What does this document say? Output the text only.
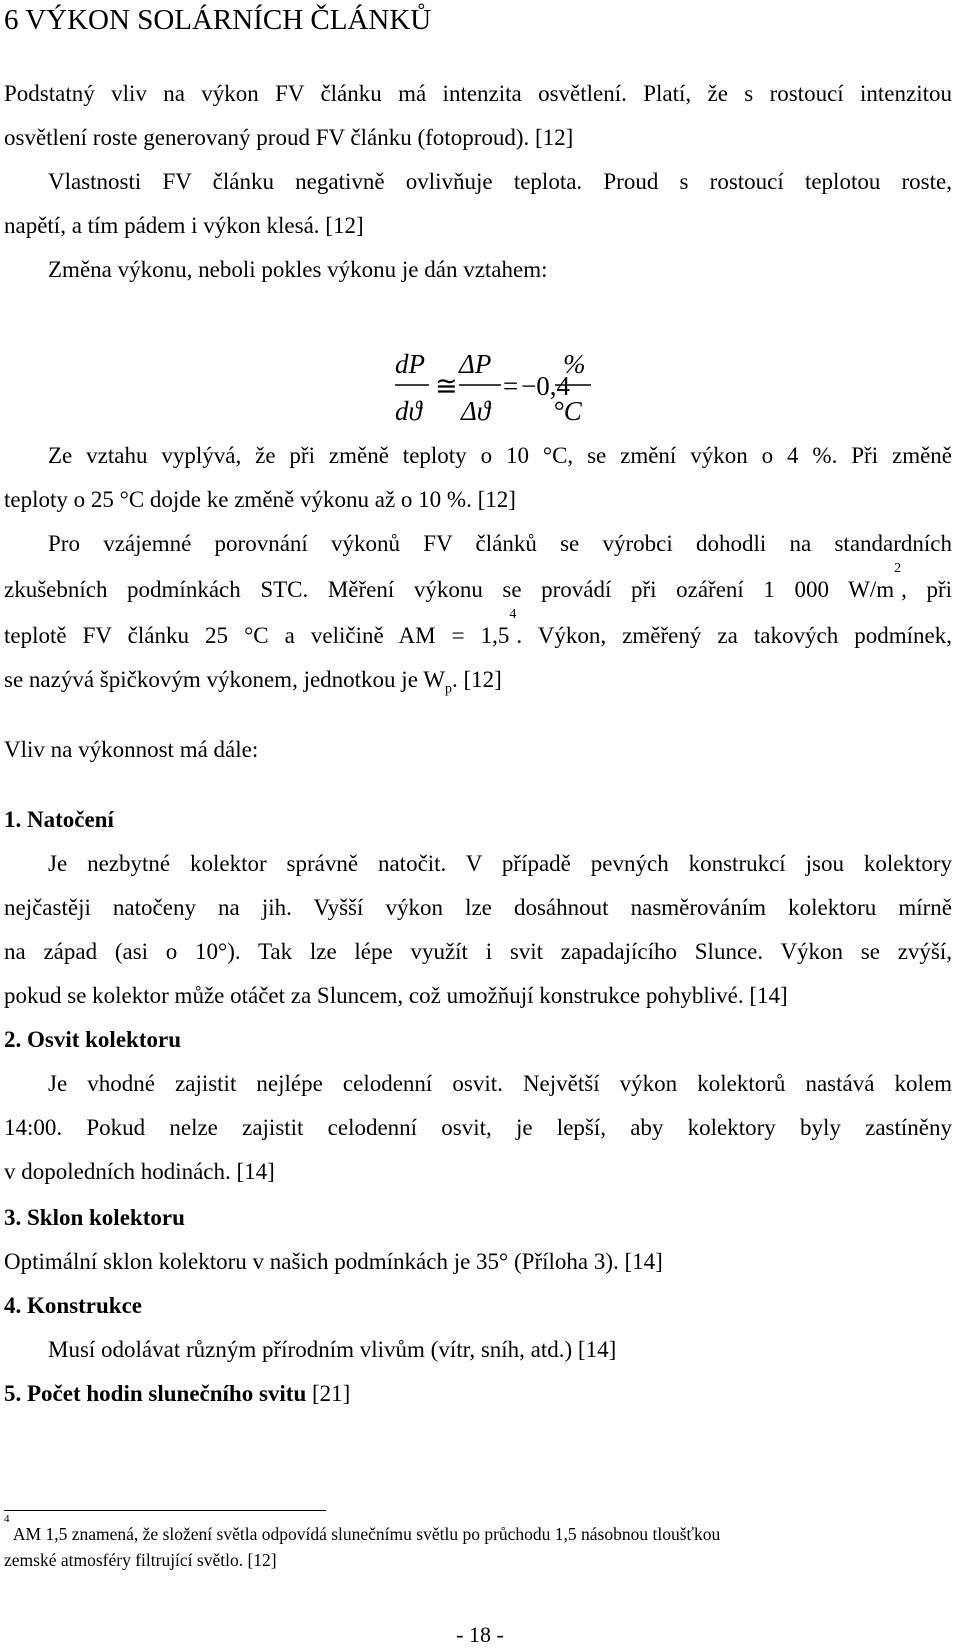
6 VÝKON SOLÁRNÍCH ČLÁNKŮ
Podstatný vliv na výkon FV článku má intenzita osvětlení. Platí, že s rostoucí intenzitou
osvětlení roste generovaný proud FV článku (fotoproud). [12]
Vlastnosti FV článku negativně ovlivňuje teplota. Proud s rostoucí teplotou roste,
napětí, a tím pádem i výkon klesá. [12]
Změna výkonu, neboli pokles výkonu je dán vztahem:
dP
dϑ
≅
ΔP
Δϑ
= −0,4
%
°C
Ze vztahu vyplývá, že při změně teploty o 10 °C, se změní výkon o 4 %. Při změně
teploty o 25 °C dojde ke změně výkonu až o 10 %. [12]
Pro vzájemné porovnání výkonů FV článků se výrobci dohodli na standardních
zkušebních podmínkách STC. Měření výkonu se provádí při ozáření 1 000 $W/m^2$, při
teplotě FV článku 25 °C a veličině AM = $1,5^4$. Výkon, změřený za takových podmínek,
se nazývá špičkovým výkonem, jednotkou je $W_p$. [12]
Vliv na výkonnost má dále:
1. Natočení
Je nezbytné kolektor správně natočit. V případě pevných konstrukcí jsou kolektory
nejčastěji natočeny na jih. Vyšší výkon lze dosáhnout nasměrováním kolektoru mírně
na západ (asi o 10°). Tak lze lépe využít i svit zapadajícího Slunce. Výkon se zvýší,
pokud se kolektor může otáčet za Sluncem, což umožňují konstrukce pohyblivé. [14]
2. Osvit kolektoru
Je vhodné zajistit nejlépe celodenní osvit. Největší výkon kolektorů nastává kolem
14:00. Pokud nelze zajistit celodenní osvit, je lepší, aby kolektory byly zastíněny
v dopoledních hodinách. [14]
3. Sklon kolektoru
Optimální sklon kolektoru v našich podmínkách je 35° (Příloha 3). [14]
4. Konstrukce
Musí odolávat různým přírodním vlivům (vítr, sníh, atd.) [14]
5. Počet hodin slunečního svitu [21]
$^4$ AM 1,5 znamená, že složení světla odpovídá slunečnímu světlu po průchodu 1,5 násobnou tloušťkou
zemské atmosféry filtrující světlo. [12]
- 18 -
